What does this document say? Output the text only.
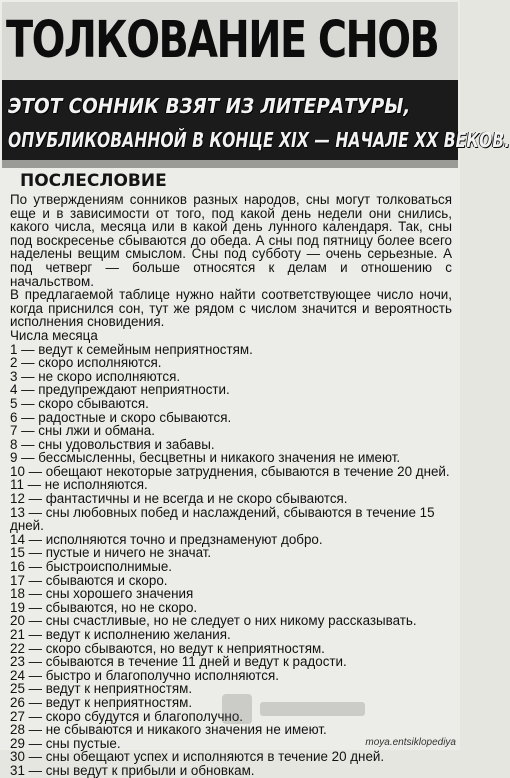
ТОЛКОВАНИЕ СНОВ
ЭТОТ СОННИК ВЗЯТ ИЗ ЛИТЕРАТУРЫ,
ОПУБЛИКОВАННОЙ В КОНЦЕ XIX — НАЧАЛЕ XX ВЕКОВ.
ПОСЛЕСЛОВИЕ

По утверждениям сонников разных народов, сны могут толковаться еще и в зависимости от того, под какой день недели они снились, какого числа, месяца или в какой день лунного календаря. Так, сны под воскресенье сбываются до обеда. А сны под пятницу более всего наделены вещим смыслом. Сны под субботу — очень серьезные. А под четверг — больше относятся к делам и отношению с начальством.

В предлагаемой таблице нужно найти соответствующее число ночи, когда приснился сон, тут же рядом с числом значится и вероятность исполнения сновидения.

Числа месяца

1 — ведут к семейным неприятностям.
2 — скоро исполняются.
3 — не скоро исполняются.
4 — предупреждают неприятности.
5 — скоро сбываются.
6 — радостные и скоро сбываются.
7 — сны лжи и обмана.
8 — сны удовольствия и забавы.
9 — бессмысленны, бесцветны и никакого значения не имеют.
10 — обещают некоторые затруднения, сбываются в течение 20 дней.
11 — не исполняются.
12 — фантастичны и не всегда и не скоро сбываются.
13 — сны любовных побед и наслаждений, сбываются в течение 15 дней.
14 — исполняются точно и предзнаменуют добро.
15 — пустые и ничего не значат.
16 — быстроисполнимые.
17 — сбываются и скоро.
18 — сны хорошего значения
19 — сбываются, но не скоро.
20 — сны счастливые, но не следует о них никому рассказывать.
21 — ведут к исполнению желания.
22 — скоро сбываются, но ведут к неприятностям.
23 — сбываются в течение 11 дней и ведут к радости.
24 — быстро и благополучно исполняются.
25 — ведут к неприятностям.
26 — ведут к неприятностям.
27 — скоро сбудутся и благополучно.
28 — не сбываются и никакого значения не имеют.
29 — сны пустые.
30 — сны обещают успех и исполняются в течение 20 дней.
31 — сны ведут к прибыли и обновкам.
moya.entsiklopediya
